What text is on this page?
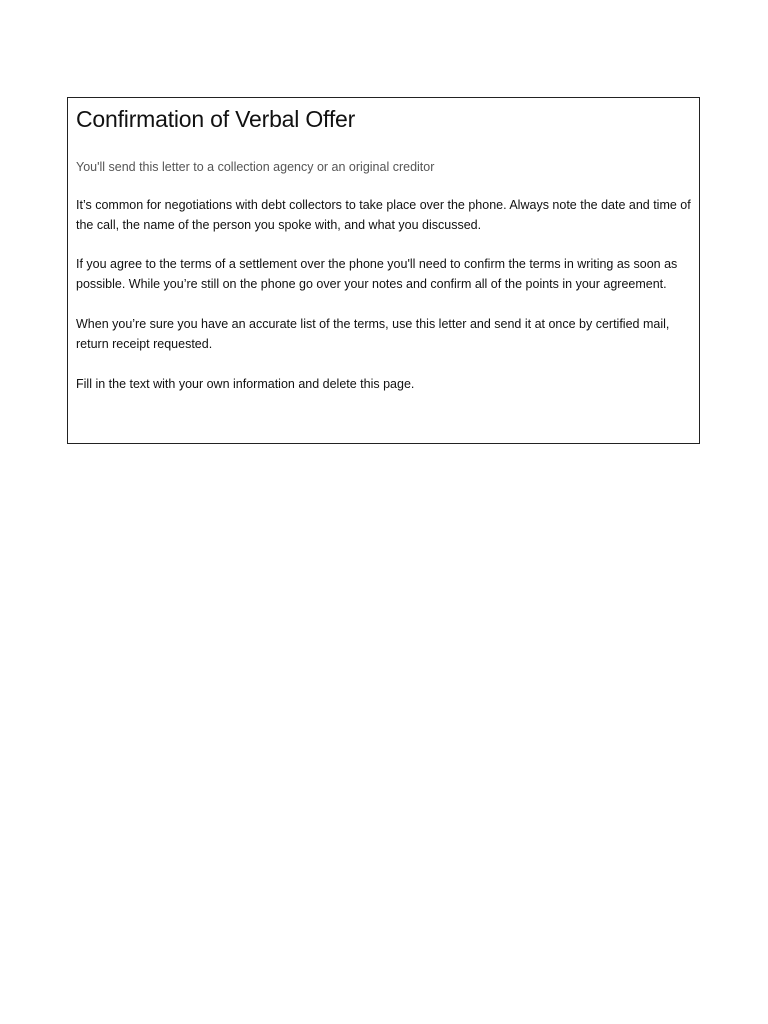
Confirmation of Verbal Offer

You'll send this letter to a collection agency or an original creditor

It’s common for negotiations with debt collectors to take place over the phone. Always note the date and time of the call, the name of the person you spoke with, and what you discussed.

If you agree to the terms of a settlement over the phone you'll need to confirm the terms in writing as soon as possible. While you’re still on the phone go over your notes and confirm all of the points in your agreement.

When you’re sure you have an accurate list of the terms, use this letter and send it at once by certified mail, return receipt requested.

Fill in the text with your own information and delete this page.
